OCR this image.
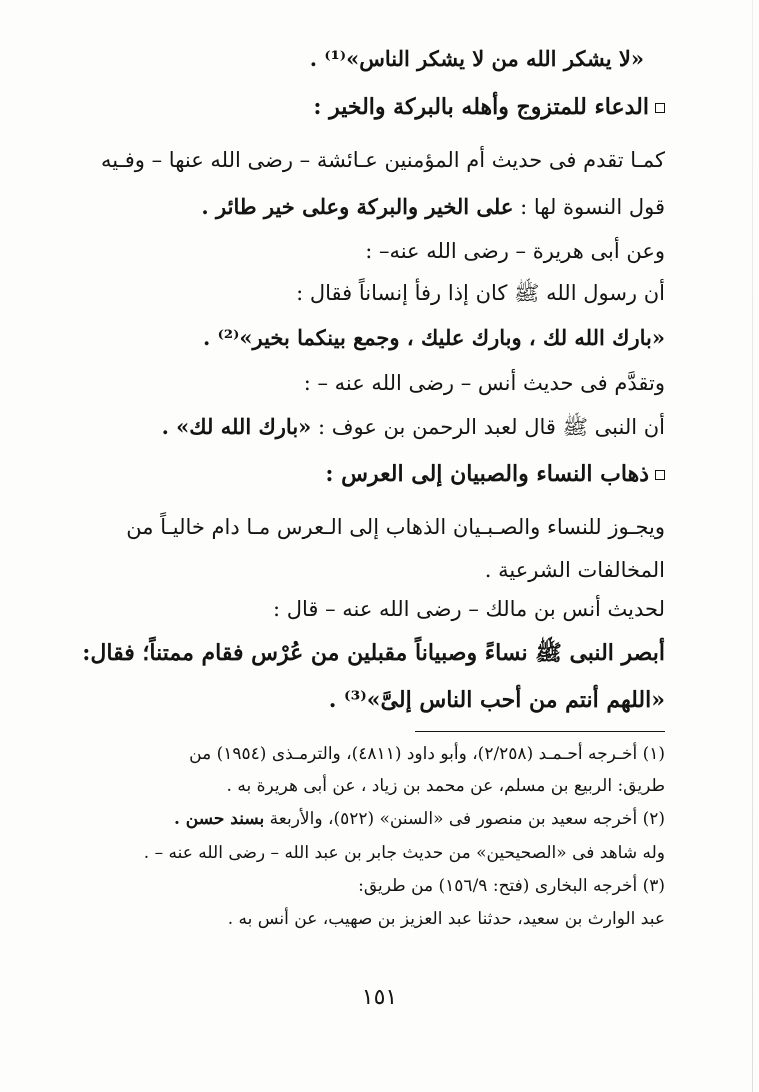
«لا يشكر الله من لا يشكر الناس»⁽¹⁾ .
الدعاء للمتزوج وأهله بالبركة والخير :
كمـا تقدم فى حديث أم المؤمنين عـائشة – رضى الله عنها – وفـيه
قول النسوة لها : على الخير والبركة وعلى خير طائر .
وعن أبى هريرة – رضى الله عنه– :
أن رسول الله ﷺ كان إذا رفأ إنساناً فقال :
«بارك الله لك ، وبارك عليك ، وجمع بينكما بخير»⁽²⁾ .
وتقدَّم فى حديث أنس – رضى الله عنه – :
أن النبى ﷺ قال لعبد الرحمن بن عوف : «بارك الله لك» .
ذهاب النساء والصبيان إلى العرس :
ويجـوز للنساء والصـبـيان الذهاب إلى الـعرس مـا دام خاليـاً من
المخالفات الشرعية .
لحديث أنس بن مالك – رضى الله عنه – قال :
أبصر النبى ﷺ نساءً وصبياناً مقبلين من عُرْس فقام ممتناً؛ فقال:
«اللهم أنتم من أحب الناس إلىَّ»⁽³⁾ .
(١) أخـرجه أحـمـد (٢/٢٥٨)، وأبو داود (٤٨١١)، والترمـذى (١٩٥٤) من
طريق: الربيع بن مسلم، عن محمد بن زياد ، عن أبى هريرة به .
(٢) أخرجه سعيد بن منصور فى «السنن» (٥٢٢)، والأربعة بسند حسن .
وله شاهد فى «الصحيحين» من حديث جابر بن عبد الله – رضى الله عنه – .
(٣) أخرجه البخارى (فتح: ١٥٦/٩) من طريق:
عبد الوارث بن سعيد، حدثنا عبد العزيز بن صهيب، عن أنس به .
١٥١
